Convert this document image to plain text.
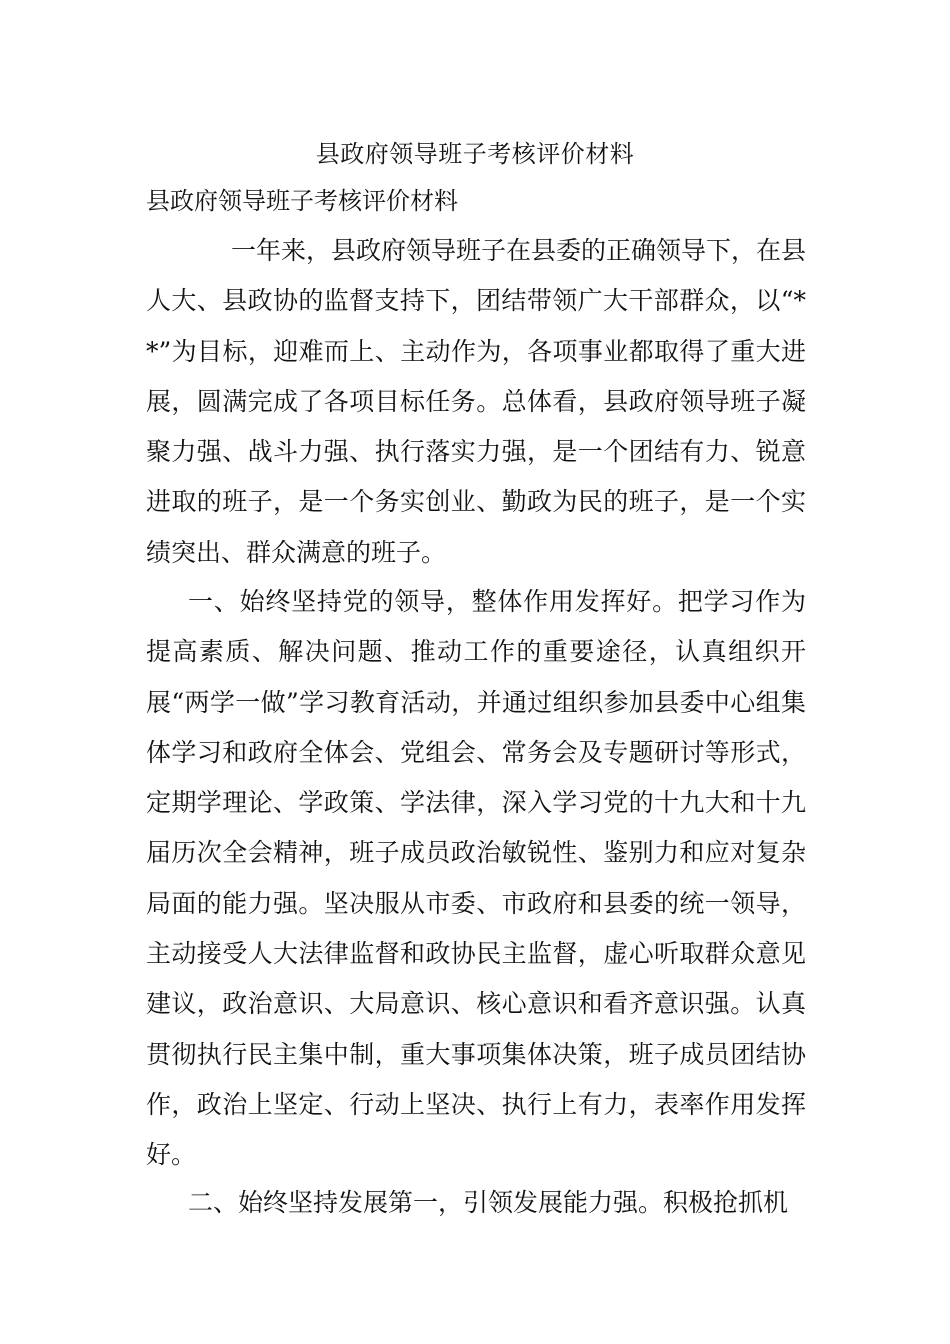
县政府领导班子考核评价材料
县政府领导班子考核评价材料

一年来，县政府领导班子在县委的正确领导下，在县人大、县政协的监督支持下，团结带领广大干部群众，以“**”为目标，迎难而上、主动作为，各项事业都取得了重大进展，圆满完成了各项目标任务。总体看，县政府领导班子凝聚力强、战斗力强、执行落实力强，是一个团结有力、锐意进取的班子，是一个务实创业、勤政为民的班子，是一个实绩突出、群众满意的班子。

一、始终坚持党的领导，整体作用发挥好。把学习作为提高素质、解决问题、推动工作的重要途径，认真组织开展“两学一做”学习教育活动，并通过组织参加县委中心组集体学习和政府全体会、党组会、常务会及专题研讨等形式，定期学理论、学政策、学法律，深入学习党的十九大和十九届历次全会精神，班子成员政治敏锐性、鉴别力和应对复杂局面的能力强。坚决服从市委、市政府和县委的统一领导，主动接受人大法律监督和政协民主监督，虚心听取群众意见建议，政治意识、大局意识、核心意识和看齐意识强。认真贯彻执行民主集中制，重大事项集体决策，班子成员团结协作，政治上坚定、行动上坚决、执行上有力，表率作用发挥好。

二、始终坚持发展第一，引领发展能力强。积极抢抓机
